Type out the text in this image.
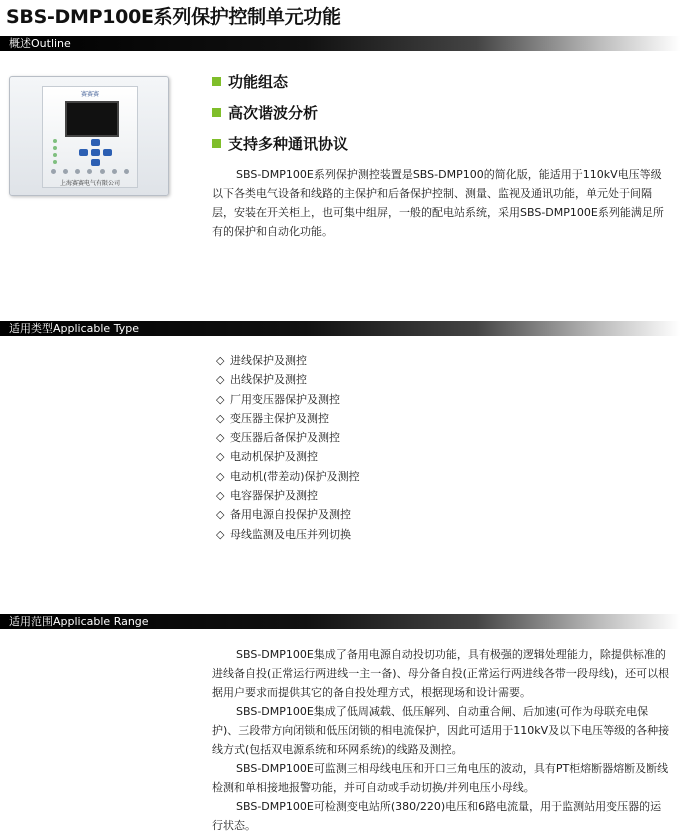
SBS-DMP100E系列保护控制单元功能
概述Outline
赛赛赛
上海赛赛电气有限公司
功能组态
高次谐波分析
支持多种通讯协议

SBS-DMP100E系列保护测控装置是SBS-DMP100的简化版，能适用于110kV电压等级以下各类电气设备和线路的主保护和后备保护控制、测量、监视及通讯功能，单元处于间隔层，安装在开关柜上，也可集中组屏，一般的配电站系统，采用SBS-DMP100E系列能满足所有的保护和自动化功能。

适用类型Applicable Type
◇ 进线保护及测控
◇ 出线保护及测控
◇ 厂用变压器保护及测控
◇ 变压器主保护及测控
◇ 变压器后备保护及测控
◇ 电动机保护及测控
◇ 电动机(带差动)保护及测控
◇ 电容器保护及测控
◇ 备用电源自投保护及测控
◇ 母线监测及电压并列切换
适用范围Applicable Range

SBS-DMP100E集成了备用电源自动投切功能，具有极强的逻辑处理能力，除提供标准的进线备自投(正常运行两进线一主一备)、母分备自投(正常运行两进线各带一段母线)，还可以根据用户要求而提供其它的备自投处理方式，根据现场和设计需要。

SBS-DMP100E集成了低周减载、低压解列、自动重合闸、后加速(可作为母联充电保护)、三段带方向闭锁和低压闭锁的相电流保护，因此可适用于110kV及以下电压等级的各种接线方式(包括双电源系统和环网系统)的线路及测控。

SBS-DMP100E可监测三相母线电压和开口三角电压的波动，具有PT柜熔断器熔断及断线检测和单相接地报警功能，并可自动或手动切换/并列电压小母线。

SBS-DMP100E可检测变电站所(380/220)电压和6路电流量，用于监测站用变压器的运行状态。
